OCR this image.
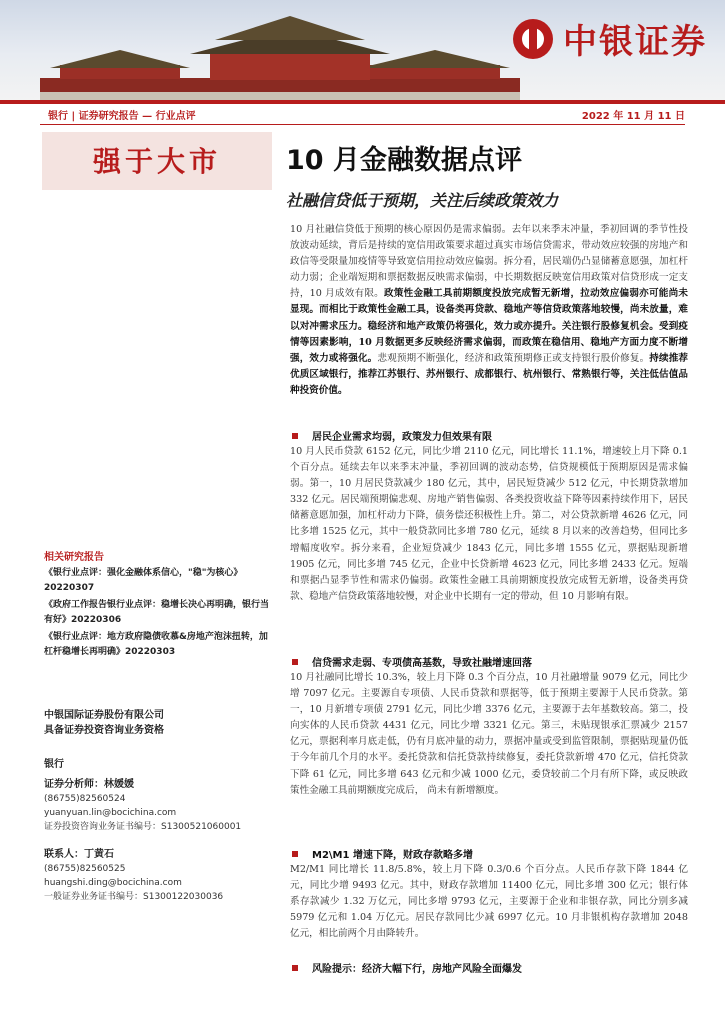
中银证券
银行 | 证券研究报告 — 行业点评	2022 年 11 月 11 日
强于大市	10 月金融数据点评
社融信贷低于预期，关注后续政策效力
10 月社融信贷低于预期的核心原因仍是需求偏弱。去年以来季末冲量，季初回调的季节性投放波动延续，背后是持续的宽信用政策要求超过真实市场信贷需求，带动效应较强的房地产和政信等受限量加疫情等导致宽信用拉动效应偏弱。拆分看，居民端仍凸显储蓄意愿强，加杠杆动力弱；企业端短期和票据数据反映需求偏弱，中长期数据反映宽信用政策对信贷形成一定支持，10 月成效有限。政策性金融工具前期额度投放完成暂无新增，拉动效应偏弱亦可能尚未显现。而相比于政策性金融工具，设备类再贷款、稳地产等信贷政策落地较慢，尚未放量，难以对冲需求压力。稳经济和地产政策仍将强化，效力或亦提升。关注银行股修复机会。受到疫情等因素影响，10 月数据更多反映经济需求偏弱，而政策在稳信用、稳地产方面力度不断增强，效力或将强化。悲观预期不断强化，经济和政策预期修正或支持银行股价修复。持续推荐优质区域银行，推荐江苏银行、苏州银行、成都银行、杭州银行、常熟银行等，关注低估值品种投资价值。
居民企业需求均弱，政策发力但效果有限
10 月人民币贷款 6152 亿元，同比少增 2110 亿元，同比增长 11.1%，增速较上月下降 0.1 个百分点。延续去年以来季末冲量，季初回调的波动态势，信贷规模低于预期原因是需求偏弱。第一，10 月居民贷款减少 180 亿元，其中，居民短贷减少 512 亿元，中长期贷款增加 332 亿元。居民端预期偏悲观、房地产销售偏弱、各类投资收益下降等因素持续作用下，居民储蓄意愿加强，加杠杆动力下降，债务偿还积极性上升。第二，对公贷款新增 4626 亿元，同比多增 1525 亿元，其中一般贷款同比多增 780 亿元，延续 8 月以来的改善趋势，但同比多增幅度收窄。拆分来看，企业短贷减少 1843 亿元，同比多增 1555 亿元，票据贴现新增 1905 亿元，同比多增 745 亿元，企业中长贷新增 4623 亿元，同比多增 2433 亿元。短端和票据凸显季节性和需求仍偏弱。政策性金融工具前期额度投放完成暂无新增，设备类再贷款、稳地产信贷政策落地较慢，对企业中长期有一定的带动，但 10 月影响有限。
信贷需求走弱、专项债高基数，导致社融增速回落
10 月社融同比增长 10.3%，较上月下降 0.3 个百分点，10 月社融增量 9079 亿元，同比少增 7097 亿元。主要源自专项债、人民币贷款和票据等，低于预期主要源于人民币贷款。第一，10 月新增专项债 2791 亿元，同比少增 3376 亿元，主要源于去年基数较高。第二，投向实体的人民币贷款 4431 亿元，同比少增 3321 亿元。第三，未贴现银承汇票减少 2157 亿元，票据利率月底走低，仍有月底冲量的动力，票据冲量或受到监管限制，票据贴现量仍低于今年前几个月的水平。委托贷款和信托贷款持续修复，委托贷款新增 470 亿元，信托贷款下降 61 亿元，同比多增 643 亿元和少减 1000 亿元，委贷较前二个月有所下降，或反映政策性金融工具前期额度完成后， 尚未有新增额度。
M2\M1 增速下降，财政存款略多增
M2/M1 同比增长 11.8/5.8%，较上月下降 0.3/0.6 个百分点。人民币存款下降 1844 亿元，同比少增 9493 亿元。其中，财政存款增加 11400 亿元，同比多增 300 亿元；银行体系存款减少 1.32 万亿元，同比多增 9793 亿元，主要源于企业和非银存款，同比分别多减 5979 亿元和 1.04 万亿元。居民存款同比少减 6997 亿元。10 月非银机构存款增加 2048 亿元，相比前两个月由降转升。
风险提示：经济大幅下行，房地产风险全面爆发
相关研究报告

《银行业点评：强化金融体系信心，"稳"为核心》20220307

《政府工作报告银行业点评：稳增长决心再明确，银行当有好》20220306

《银行业点评：地方政府隐债收慕&房地产泡沫扭转，加杠杆稳增长再明确》20220303

中银国际证券股份有限公司
具备证券投资咨询业务资格
银行
证券分析师：林媛媛
(86755)82560524
yuanyuan.lin@bocichina.com
证券投资咨询业务证书编号：S1300521060001
联系人：丁黄石
(86755)82560525
huangshi.ding@bocichina.com
一般证券业务证书编号：S1300122030036
